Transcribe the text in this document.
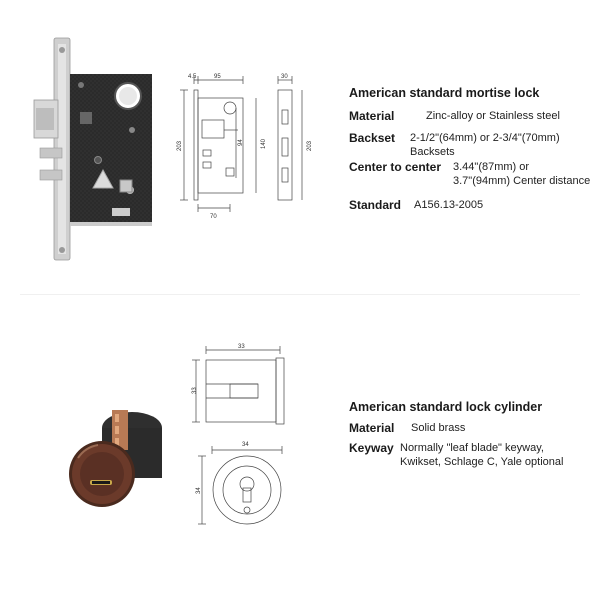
4.5	95	30
203	94	140	203
70
American standard mortise lock
Material	Zinc-alloy or Stainless steel
Backset 2-1/2"(64mm) or 2-3/4"(70mm)
Backsets
Center to center 3.44"(87mm) or
3.7"(94mm) Center distance
Standard A156.13-2005
33
33
34
34
American standard lock cylinder
Material Solid brass
Keyway Normally "leaf blade" keyway,
Kwikset, Schlage C, Yale optional
